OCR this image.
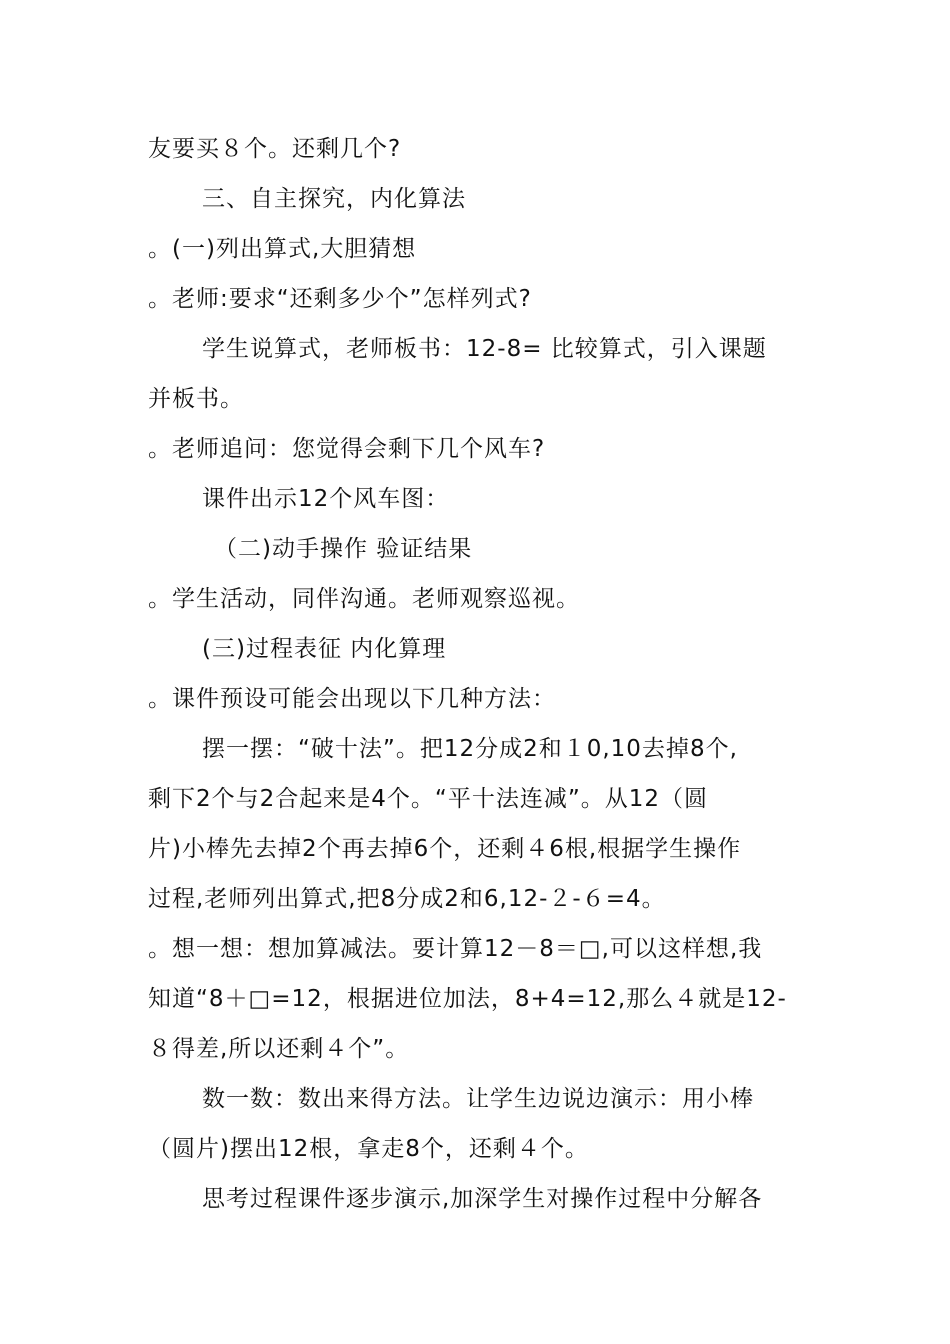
友要买８个。还剩几个?
三、自主探究，内化算法
。(一)列出算式,大胆猜想
。老师:要求“还剩多少个”怎样列式?
学生说算式，老师板书：12-8= 比较算式，引入课题
并板书。
。老师追问：您觉得会剩下几个风车?
课件出示12个风车图：
（二)动手操作 验证结果
。学生活动，同伴沟通。老师观察巡视。
(三)过程表征 内化算理
。课件预设可能会出现以下几种方法：
摆一摆：“破十法”。把12分成2和１0,10去掉8个,
剩下2个与2合起来是4个。“平十法连减”。从12（圆
片)小棒先去掉2个再去掉6个，还剩４6根,根据学生操作
过程,老师列出算式,把8分成2和6,12-２-６=4。
。想一想：想加算减法。要计算12－8＝□,可以这样想,我
知道“8＋□=12，根据进位加法，8+4=12,那么４就是12-
８得差,所以还剩４个”。
数一数：数出来得方法。让学生边说边演示：用小棒
（圆片)摆出12根，拿走8个，还剩４个。
思考过程课件逐步演示,加深学生对操作过程中分解各
